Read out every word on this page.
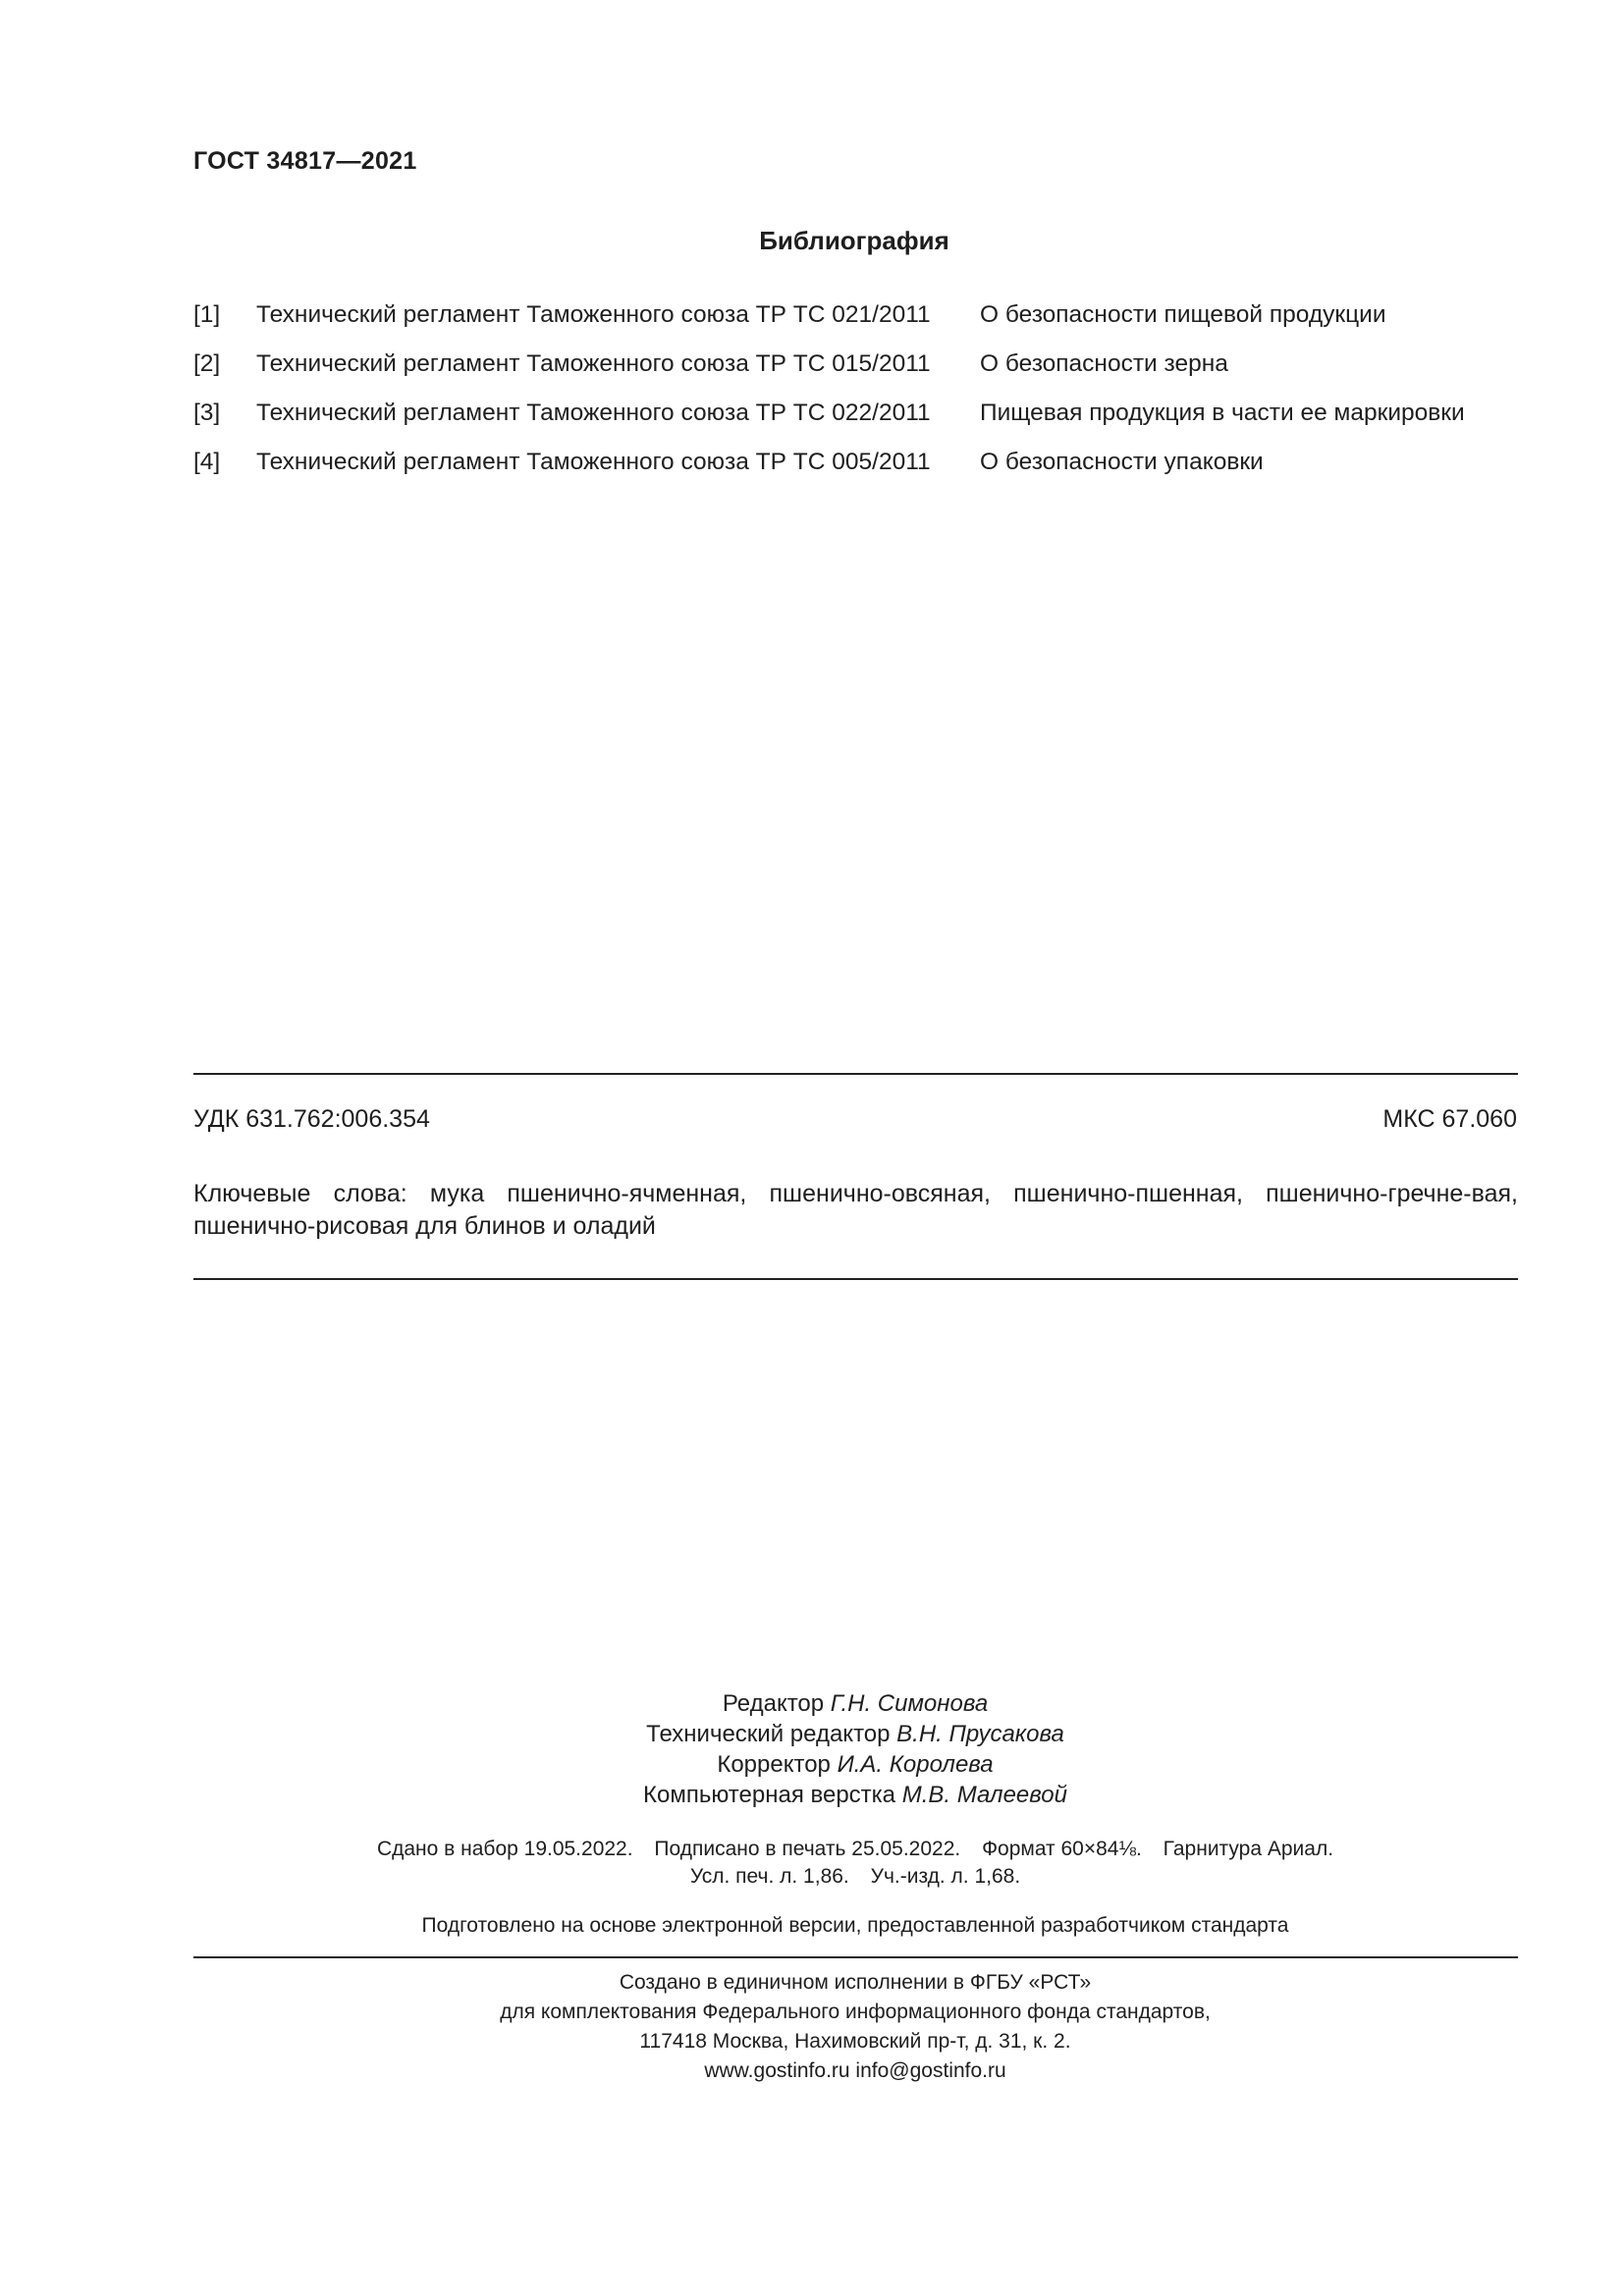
ГОСТ 34817—2021
Библиография
[1] Технический регламент Таможенного союза ТР ТС 021/2011 О безопасности пищевой продукции
[2] Технический регламент Таможенного союза ТР ТС 015/2011 О безопасности зерна
[3] Технический регламент Таможенного союза ТР ТС 022/2011 Пищевая продукция в части ее маркировки
[4] Технический регламент Таможенного союза ТР ТС 005/2011 О безопасности упаковки
УДК 631.762:006.354	МКС 67.060
Ключевые слова: мука пшенично-ячменная, пшенично-овсяная, пшенично-пшенная, пшенично-гречне-вая, пшенично-рисовая для блинов и оладий
Редактор Г.Н. Симонова
Технический редактор В.Н. Прусакова
Корректор И.А. Королева
Компьютерная верстка М.В. Малеевой
Сдано в набор 19.05.2022. Подписано в печать 25.05.2022. Формат 60×84⅛. Гарнитура Ариал.
Усл. печ. л. 1,86. Уч.-изд. л. 1,68.
Подготовлено на основе электронной версии, предоставленной разработчиком стандарта
Создано в единичном исполнении в ФГБУ «РСТ»
для комплектования Федерального информационного фонда стандартов,
117418 Москва, Нахимовский пр-т, д. 31, к. 2.
www.gostinfo.ru info@gostinfo.ru
